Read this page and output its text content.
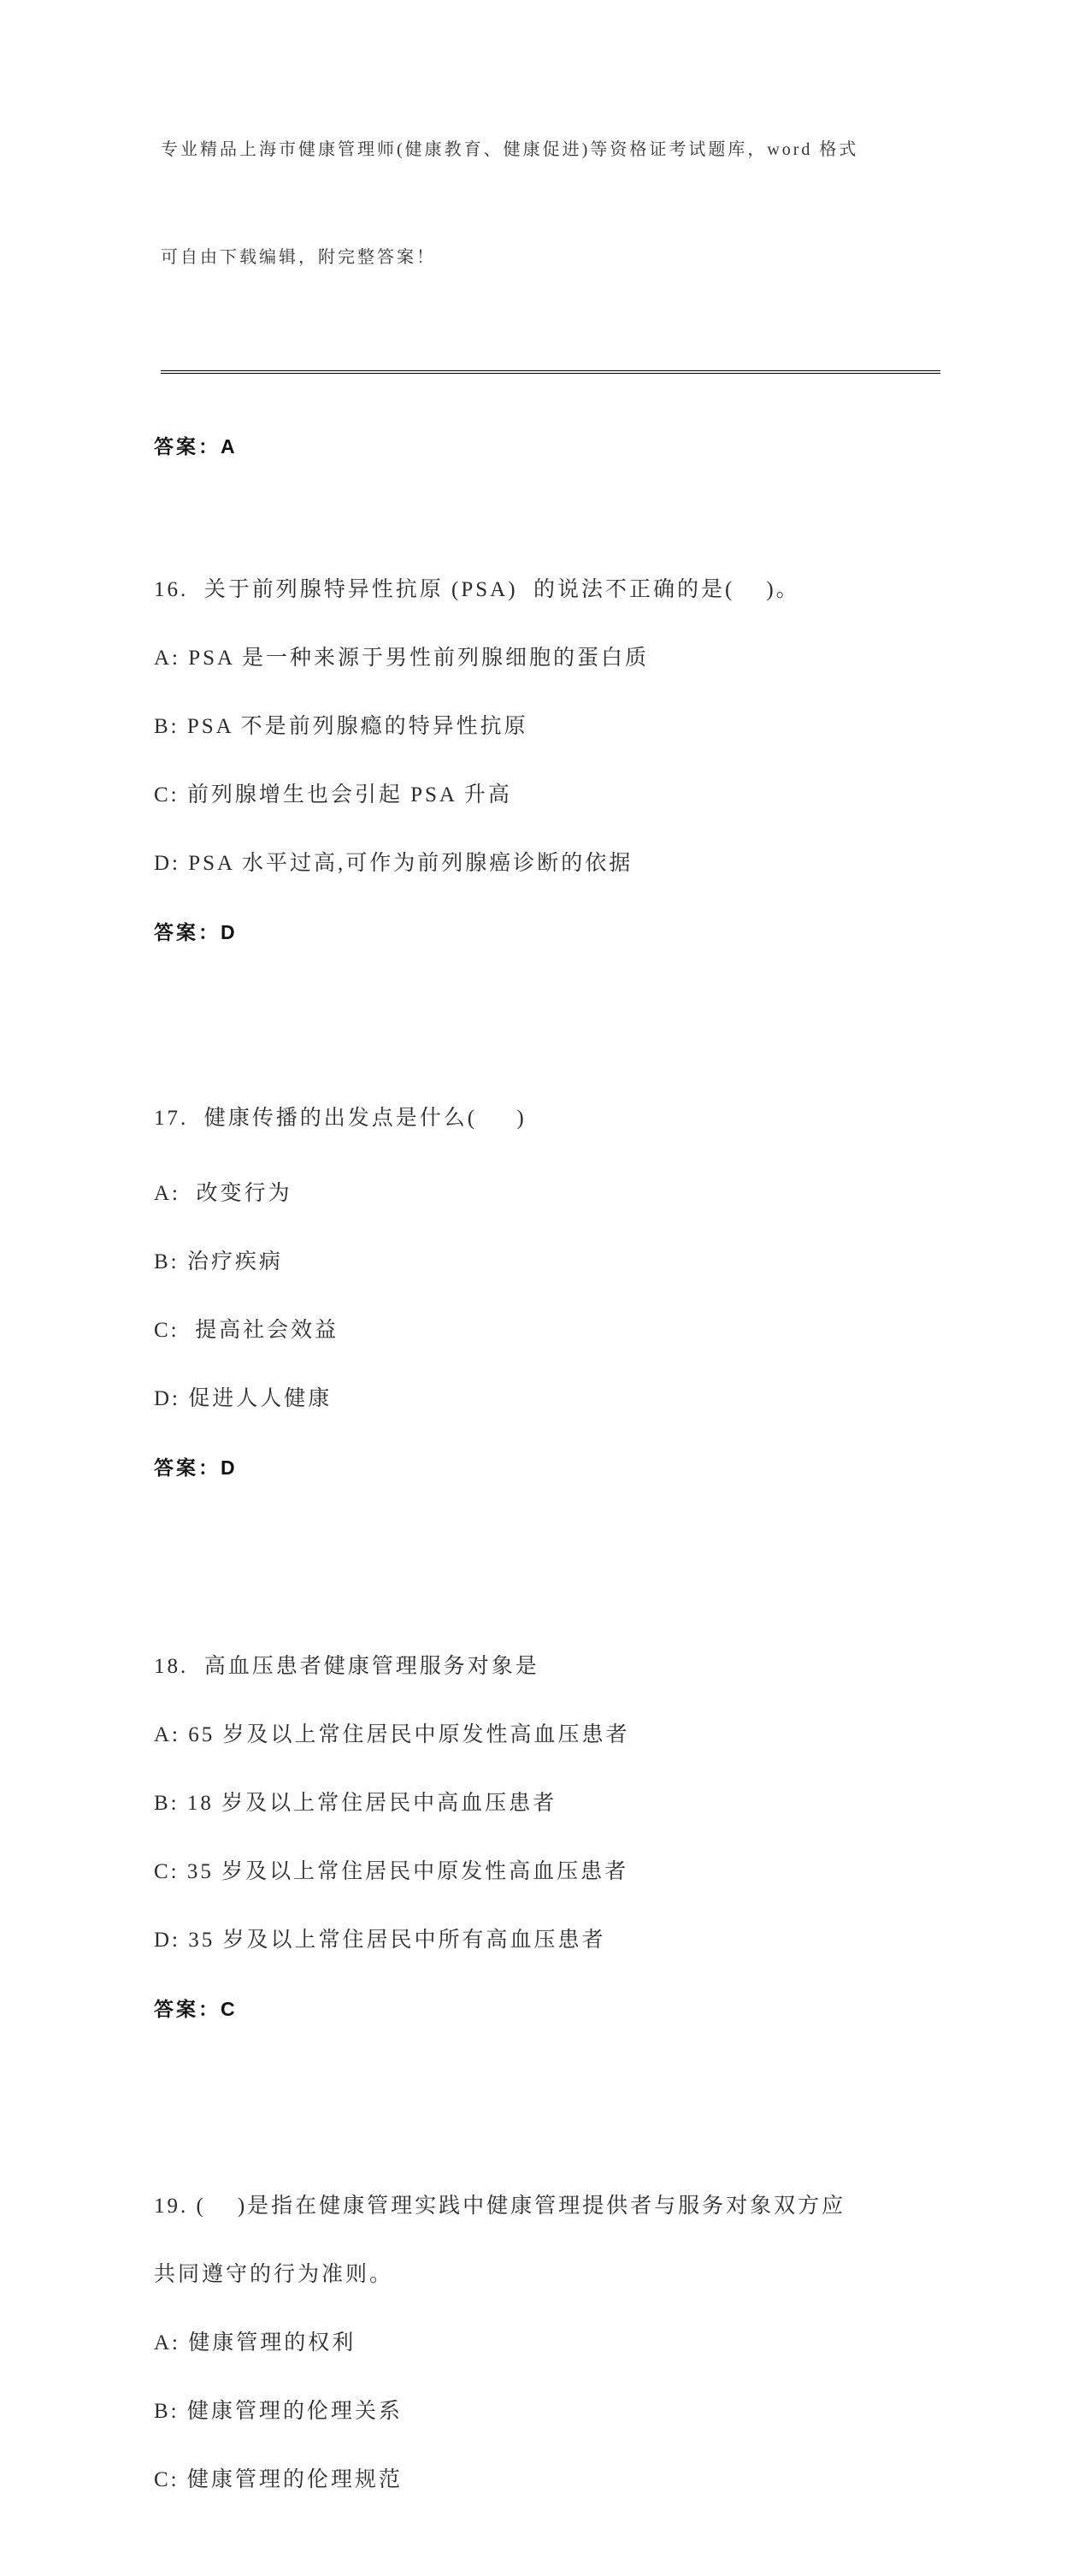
专业精品上海市健康管理师(健康教育、健康促进)等资格证考试题库，word 格式

可自由下载编辑，附完整答案！

答案：A

16.  关于前列腺特异性抗原 (PSA)  的说法不正确的是(    )。

A: PSA 是一种来源于男性前列腺细胞的蛋白质

B: PSA 不是前列腺瘾的特异性抗原

C: 前列腺增生也会引起 PSA 升高

D: PSA 水平过高,可作为前列腺癌诊断的依据

答案：D

17.  健康传播的出发点是什么(     )

A:  改变行为

B: 治疗疾病

C:  提高社会效益

D: 促进人人健康

答案：D

18.  高血压患者健康管理服务对象是

A: 65 岁及以上常住居民中原发性高血压患者

B: 18 岁及以上常住居民中高血压患者

C: 35 岁及以上常住居民中原发性高血压患者

D: 35 岁及以上常住居民中所有高血压患者

答案：C

19. (    )是指在健康管理实践中健康管理提供者与服务对象双方应

共同遵守的行为准则。

A: 健康管理的权利

B: 健康管理的伦理关系

C: 健康管理的伦理规范
